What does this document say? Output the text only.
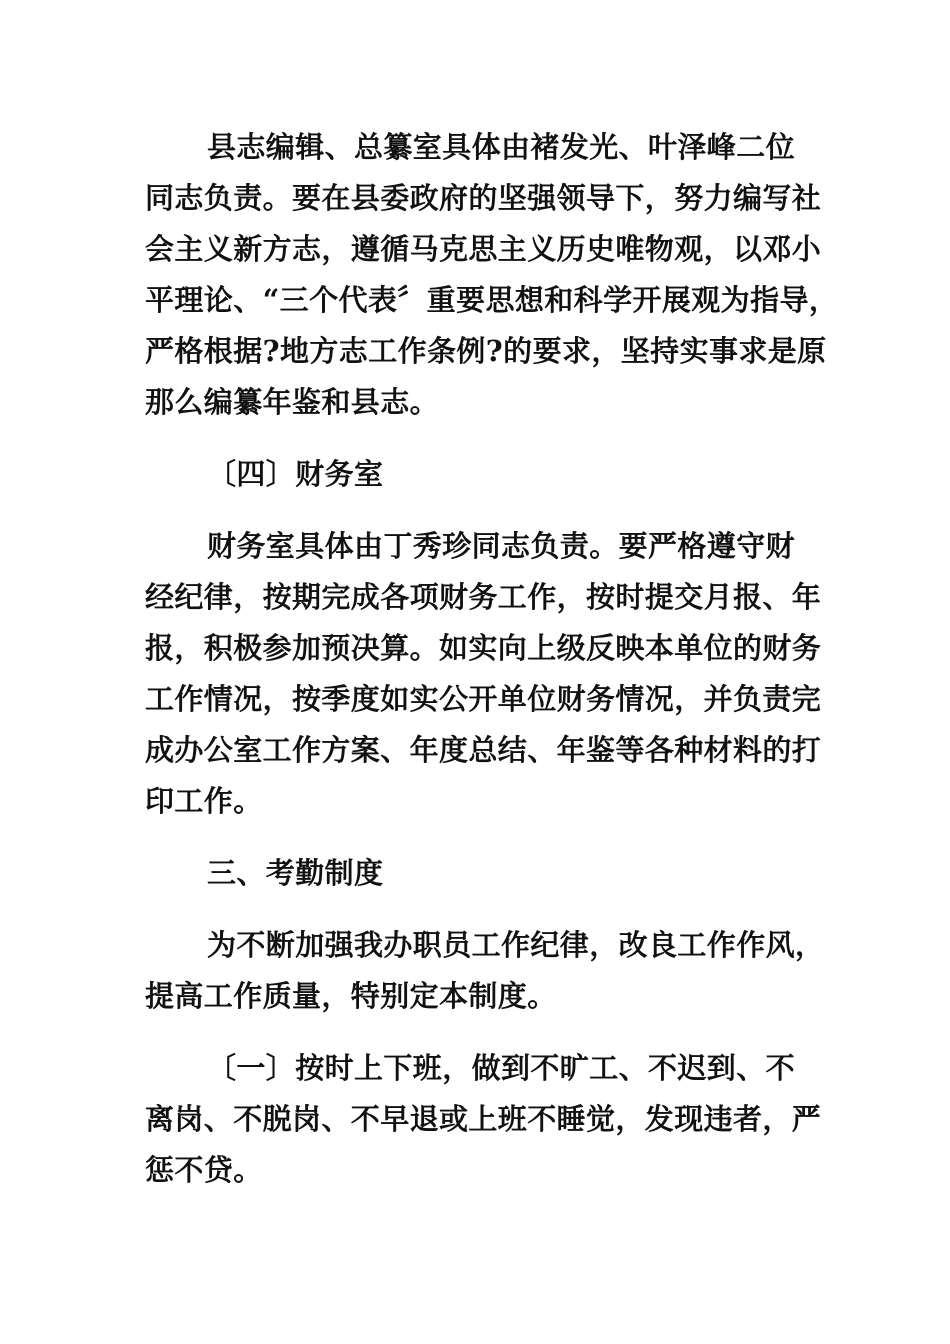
县志编辑、总纂室具体由褚发光、叶泽峰二位
同志负责。要在县委政府的坚强领导下，努力编写社
会主义新方志，遵循马克思主义历史唯物观，以邓小
平理论、“三个代表〞重要思想和科学开展观为指导，
严格根据?地方志工作条例?的要求，坚持实事求是原
那么编纂年鉴和县志。

〔四〕财务室

财务室具体由丁秀珍同志负责。要严格遵守财
经纪律，按期完成各项财务工作，按时提交月报、年
报，积极参加预决算。如实向上级反映本单位的财务
工作情况，按季度如实公开单位财务情况，并负责完
成办公室工作方案、年度总结、年鉴等各种材料的打
印工作。

三、考勤制度

为不断加强我办职员工作纪律，改良工作作风，
提高工作质量，特别定本制度。

〔一〕按时上下班，做到不旷工、不迟到、不
离岗、不脱岗、不早退或上班不睡觉，发现违者，严
惩不贷。
